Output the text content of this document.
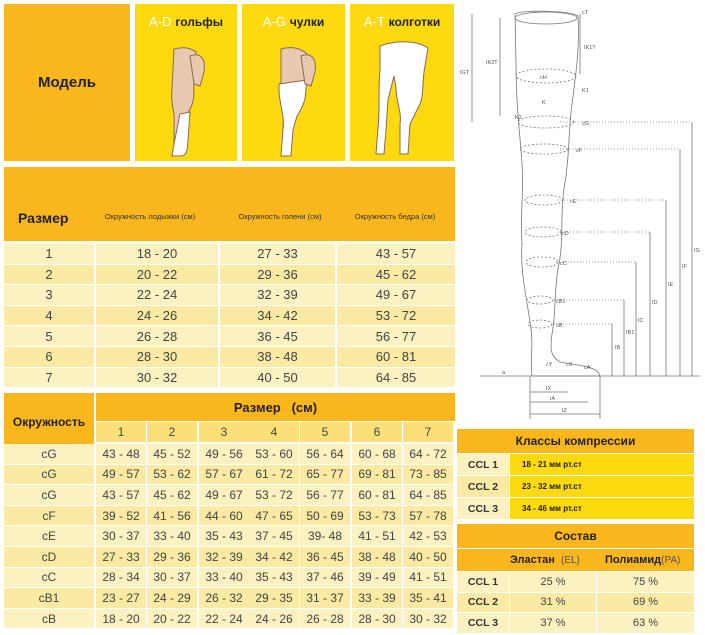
Модель
A-D гольфы	A-G чулки	A-T колготки
Размер	Окружность лодыжки (см)	Окружность голени (см)	Окружность бедра (см)
1	18 - 20	27 - 33	43 - 57
2	20 - 22	29 - 36	45 - 62
3	22 - 24	32 - 39	49 - 67
4	24 - 26	34 - 42	53 - 72
5	26 - 28	36 - 45	56 - 77
6	28 - 30	38 - 48	60 - 81
7	30 - 32	40 - 50	64 - 85
Окружность
Размер   (см)
1	2	3	4	5	6	7
cG	43 - 48	45 - 52	49 - 56	53 - 60	56 - 64	60 - 68	64 - 72
cG	49 - 57	53 - 62	57 - 67	61 - 72	65 - 77	69 - 81	73 - 85
cG	43 - 57	45 - 62	49 - 67	53 - 72	56 - 77	60 - 81	64 - 85
cF	39 - 52	41 - 56	44 - 60	47 - 65	50 - 69	53 - 73	57 - 78
cE	30 - 37	33 - 40	35 - 43	37 - 45	39- 48	41 - 51	42 - 53
cD	27 - 33	29 - 36	32 - 39	34 - 42	36 - 45	38 - 48	40 - 50
cC	28 - 34	30 - 37	33 - 40	35 - 43	37 - 46	39 - 49	41 - 51
cB1	23 - 27	24 - 29	26 - 32	29 - 35	31 - 37	33 - 39	35 - 41
cB	18 - 20	20 - 22	22 - 24	24 - 26	26 - 28	28 - 30	30 - 32
cT
IK1T
IGT
IK2T
cH
K1
K2
K
cG
cF
cE
cD
cC
cB1
cB
cY cX cA
a
IX
IA
IZ
IB
IB1
IC
ID
IE
IF
IG
Классы компрессии
CCL 1	18 - 21 мм рт.ст
CCL 2	23 - 32 мм рт.ст
CCL 3	34 - 46 мм рт.ст
Состав
Эластан (EL) Полиамид (PA)
CCL 1	25 %	75 %
CCL 2	31 %	69 %
CCL 3	37 %	63 %
